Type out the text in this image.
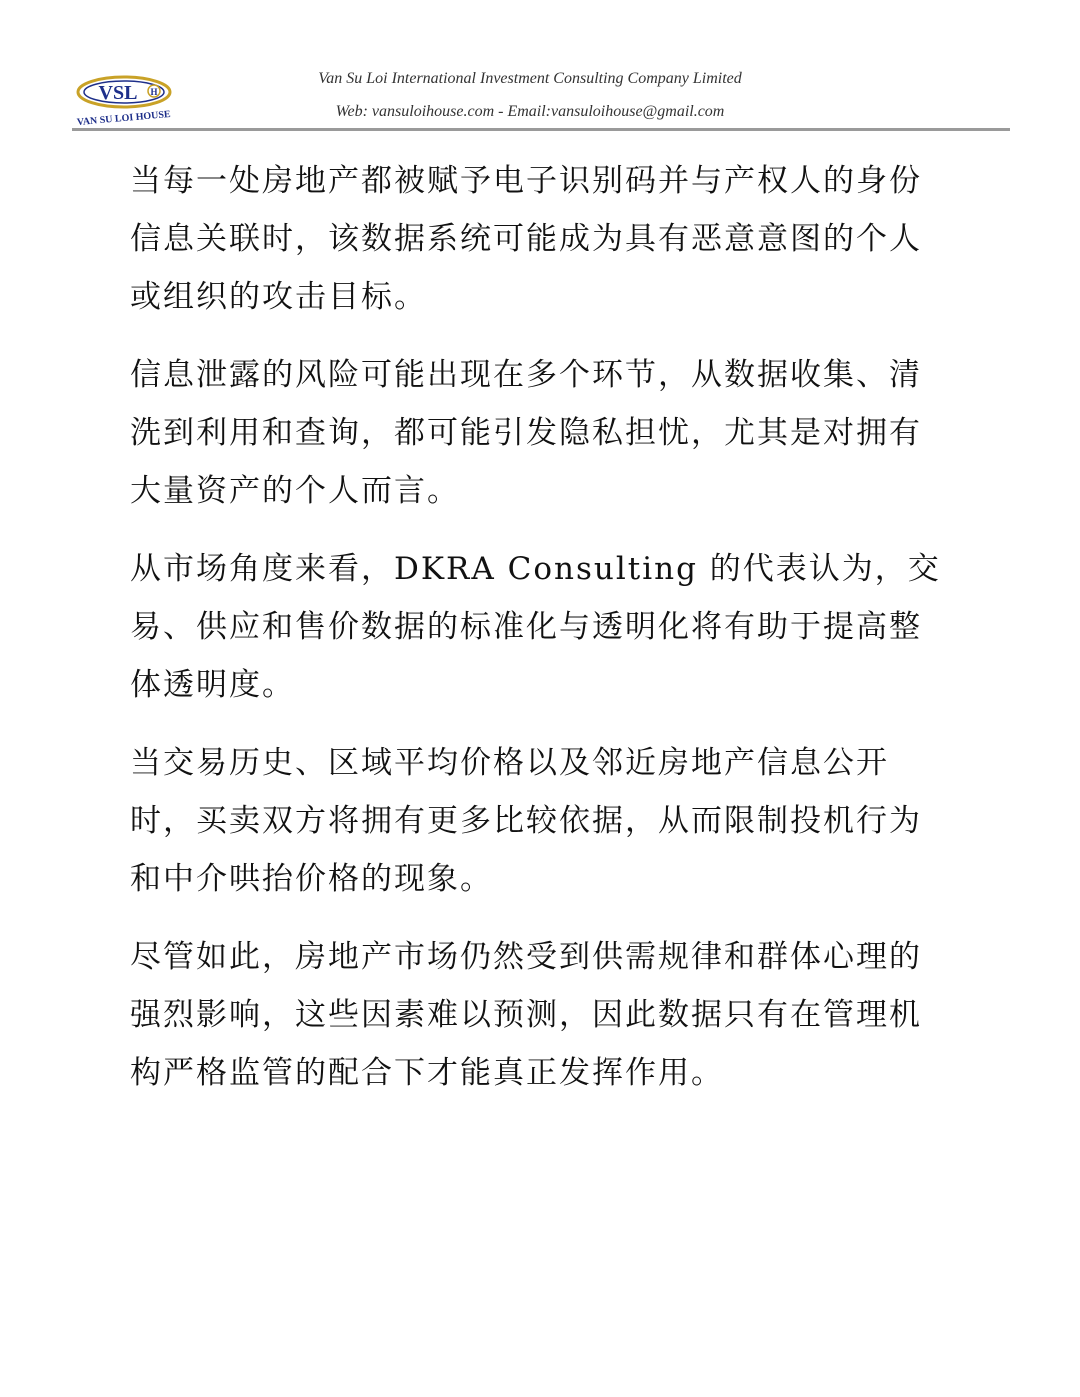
VSL H
VAN SU LOI HOUSE
Van Su Loi International Investment Consulting Company Limited
Web: vansuloihouse.com - Email:vansuloihouse@gmail.com

当每一处房地产都被赋予电子识别码并与产权人的身份信息关联时，该数据系统可能成为具有恶意意图的个人或组织的攻击目标。

信息泄露的风险可能出现在多个环节，从数据收集、清洗到利用和查询，都可能引发隐私担忧，尤其是对拥有大量资产的个人而言。

从市场角度来看，DKRA Consulting 的代表认为，交易、供应和售价数据的标准化与透明化将有助于提高整体透明度。

当交易历史、区域平均价格以及邻近房地产信息公开时，买卖双方将拥有更多比较依据，从而限制投机行为和中介哄抬价格的现象。

尽管如此，房地产市场仍然受到供需规律和群体心理的强烈影响，这些因素难以预测，因此数据只有在管理机构严格监管的配合下才能真正发挥作用。
